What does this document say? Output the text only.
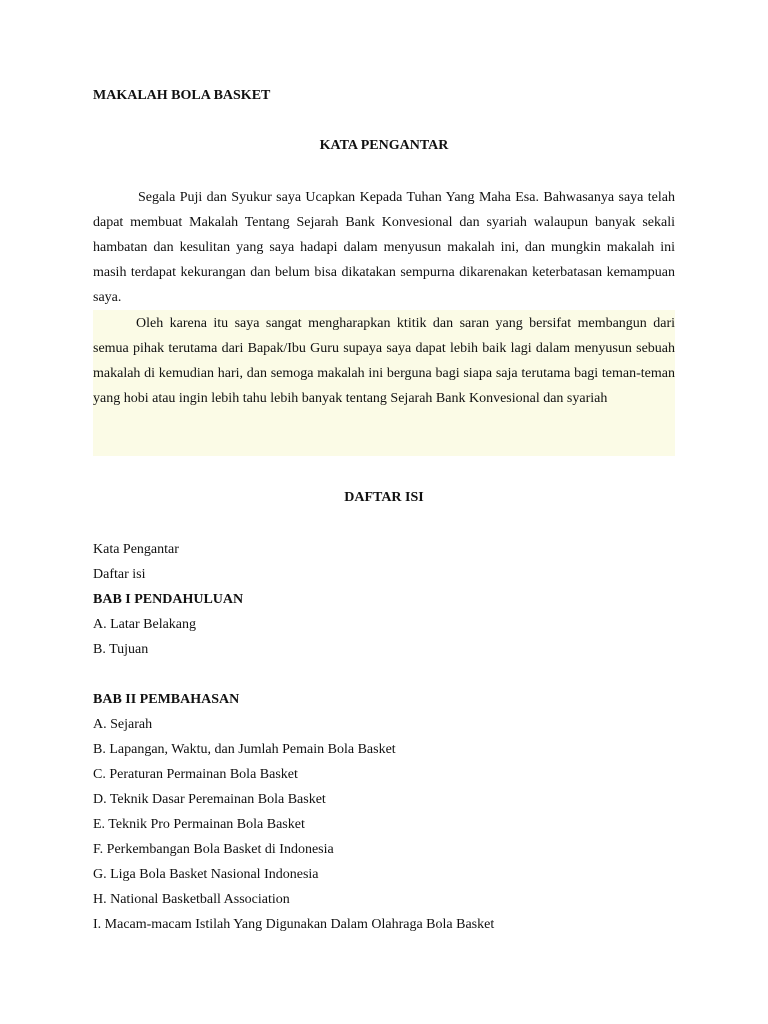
MAKALAH BOLA BASKET
KATA PENGANTAR

Segala Puji dan Syukur saya Ucapkan Kepada Tuhan Yang Maha Esa. Bahwasanya saya telah dapat membuat Makalah Tentang Sejarah Bank Konvesional dan syariah walaupun banyak sekali hambatan dan kesulitan yang saya hadapi dalam menyusun makalah ini, dan mungkin makalah ini masih terdapat kekurangan dan belum bisa dikatakan sempurna dikarenakan keterbatasan kemampuan saya.

Oleh karena itu saya sangat mengharapkan ktitik dan saran yang bersifat membangun dari semua pihak terutama dari Bapak/Ibu Guru supaya saya dapat lebih baik lagi dalam menyusun sebuah makalah di kemudian hari, dan semoga makalah ini berguna bagi siapa saja terutama bagi teman-teman yang hobi atau ingin lebih tahu lebih banyak tentang Sejarah Bank Konvesional dan syariah

DAFTAR ISI
Kata Pengantar
Daftar isi
BAB I PENDAHULUAN
A. Latar Belakang
B. Tujuan
BAB II PEMBAHASAN
A. Sejarah
B. Lapangan, Waktu, dan Jumlah Pemain Bola Basket
C. Peraturan Permainan Bola Basket
D. Teknik Dasar Peremainan Bola Basket
E. Teknik Pro Permainan Bola Basket
F. Perkembangan Bola Basket di Indonesia
G. Liga Bola Basket Nasional Indonesia
H. National Basketball Association
I. Macam-macam Istilah Yang Digunakan Dalam Olahraga Bola Basket
